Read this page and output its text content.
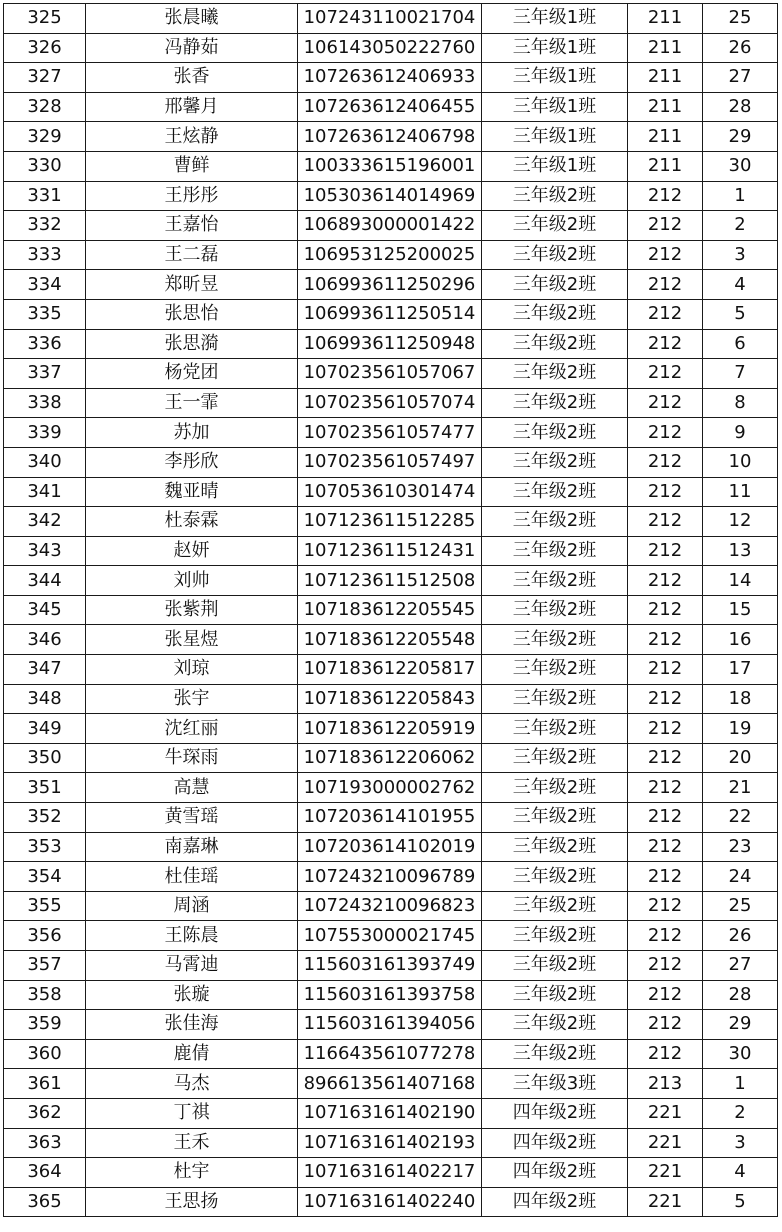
325	张晨曦	107243110021704	三年级1班	211	25
326	冯静茹	106143050222760	三年级1班	211	26
327	张香	107263612406933	三年级1班	211	27
328	邢馨月	107263612406455	三年级1班	211	28
329	王炫静	107263612406798	三年级1班	211	29
330	曹鲜	100333615196001	三年级1班	211	30
331	王彤彤	105303614014969	三年级2班	212	1
332	王嘉怡	106893000001422	三年级2班	212	2
333	王二磊	106953125200025	三年级2班	212	3
334	郑昕昱	106993611250296	三年级2班	212	4
335	张思怡	106993611250514	三年级2班	212	5
336	张思漪	106993611250948	三年级2班	212	6
337	杨党团	107023561057067	三年级2班	212	7
338	王一霏	107023561057074	三年级2班	212	8
339	苏加	107023561057477	三年级2班	212	9
340	李彤欣	107023561057497	三年级2班	212	10
341	魏亚晴	107053610301474	三年级2班	212	11
342	杜泰霖	107123611512285	三年级2班	212	12
343	赵妍	107123611512431	三年级2班	212	13
344	刘帅	107123611512508	三年级2班	212	14
345	张紫荆	107183612205545	三年级2班	212	15
346	张星煜	107183612205548	三年级2班	212	16
347	刘琼	107183612205817	三年级2班	212	17
348	张宇	107183612205843	三年级2班	212	18
349	沈红丽	107183612205919	三年级2班	212	19
350	牛琛雨	107183612206062	三年级2班	212	20
351	高慧	107193000002762	三年级2班	212	21
352	黄雪瑶	107203614101955	三年级2班	212	22
353	南嘉琳	107203614102019	三年级2班	212	23
354	杜佳瑶	107243210096789	三年级2班	212	24
355	周涵	107243210096823	三年级2班	212	25
356	王陈晨	107553000021745	三年级2班	212	26
357	马霄迪	115603161393749	三年级2班	212	27
358	张璇	115603161393758	三年级2班	212	28
359	张佳海	115603161394056	三年级2班	212	29
360	鹿倩	116643561077278	三年级2班	212	30
361	马杰	896613561407168	三年级3班	213	1
362	丁祺	107163161402190	四年级2班	221	2
363	王禾	107163161402193	四年级2班	221	3
364	杜宇	107163161402217	四年级2班	221	4
365	王思扬	107163161402240	四年级2班	221	5
